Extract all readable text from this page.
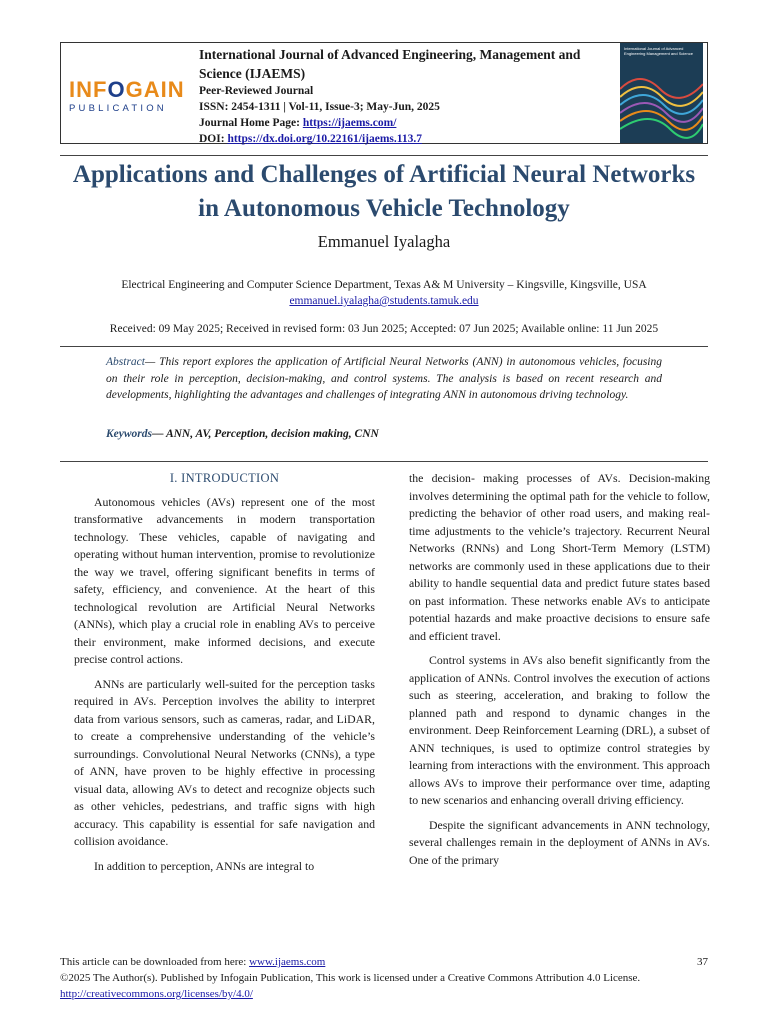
INFOGAIN
PUBLICATION
International Journal of Advanced Engineering, Management and Science (IJAEMS)
Peer-Reviewed Journal
ISSN: 2454-1311 | Vol-11, Issue-3; May-Jun, 2025
Journal Home Page: https://ijaems.com/
DOI: https://dx.doi.org/10.22161/ijaems.113.7
International Journal of Advanced Engineering Management and Science
Applications and Challenges of Artificial Neural Networks in Autonomous Vehicle Technology
Emmanuel Iyalagha
Electrical Engineering and Computer Science Department, Texas A& M University – Kingsville, Kingsville, USA
emmanuel.iyalagha@students.tamuk.edu
Received: 09 May 2025; Received in revised form: 03 Jun 2025; Accepted: 07 Jun 2025; Available online: 11 Jun 2025
Abstract— This report explores the application of Artificial Neural Networks (ANN) in autonomous vehicles, focusing on their role in perception, decision-making, and control systems. The analysis is based on recent research and developments, highlighting the advantages and challenges of integrating ANN in autonomous driving technology.
Keywords— ANN, AV, Perception, decision making, CNN
I. INTRODUCTION

Autonomous vehicles (AVs) represent one of the most transformative advancements in modern transportation technology. These vehicles, capable of navigating and operating without human intervention, promise to revolutionize the way we travel, offering significant benefits in terms of safety, efficiency, and convenience. At the heart of this technological revolution are Artificial Neural Networks (ANNs), which play a crucial role in enabling AVs to perceive their environment, make informed decisions, and execute precise control actions.

ANNs are particularly well-suited for the perception tasks required in AVs. Perception involves the ability to interpret data from various sensors, such as cameras, radar, and LiDAR, to create a comprehensive understanding of the vehicle’s surroundings. Convolutional Neural Networks (CNNs), a type of ANN, have proven to be highly effective in processing visual data, allowing AVs to detect and recognize objects such as other vehicles, pedestrians, and traffic signs with high accuracy. This capability is essential for safe navigation and collision avoidance.

In addition to perception, ANNs are integral to

the decision- making processes of AVs. Decision-making involves determining the optimal path for the vehicle to follow, predicting the behavior of other road users, and making real- time adjustments to the vehicle’s trajectory. Recurrent Neural Networks (RNNs) and Long Short-Term Memory (LSTM) networks are commonly used in these applications due to their ability to handle sequential data and predict future states based on past information. These networks enable AVs to anticipate potential hazards and make proactive decisions to ensure safe and efficient travel.

Control systems in AVs also benefit significantly from the application of ANNs. Control involves the execution of actions such as steering, acceleration, and braking to follow the planned path and respond to dynamic changes in the environment. Deep Reinforcement Learning (DRL), a subset of ANN techniques, is used to optimize control strategies by learning from interactions with the environment. This approach allows AVs to improve their performance over time, adapting to new scenarios and enhancing overall driving efficiency.

Despite the significant advancements in ANN technology, several challenges remain in the deployment of ANNs in AVs. One of the primary

This article can be downloaded from here: www.ijaems.com	37
©2025 The Author(s). Published by Infogain Publication, This work is licensed under a Creative Commons Attribution 4.0 License. http://creativecommons.org/licenses/by/4.0/
